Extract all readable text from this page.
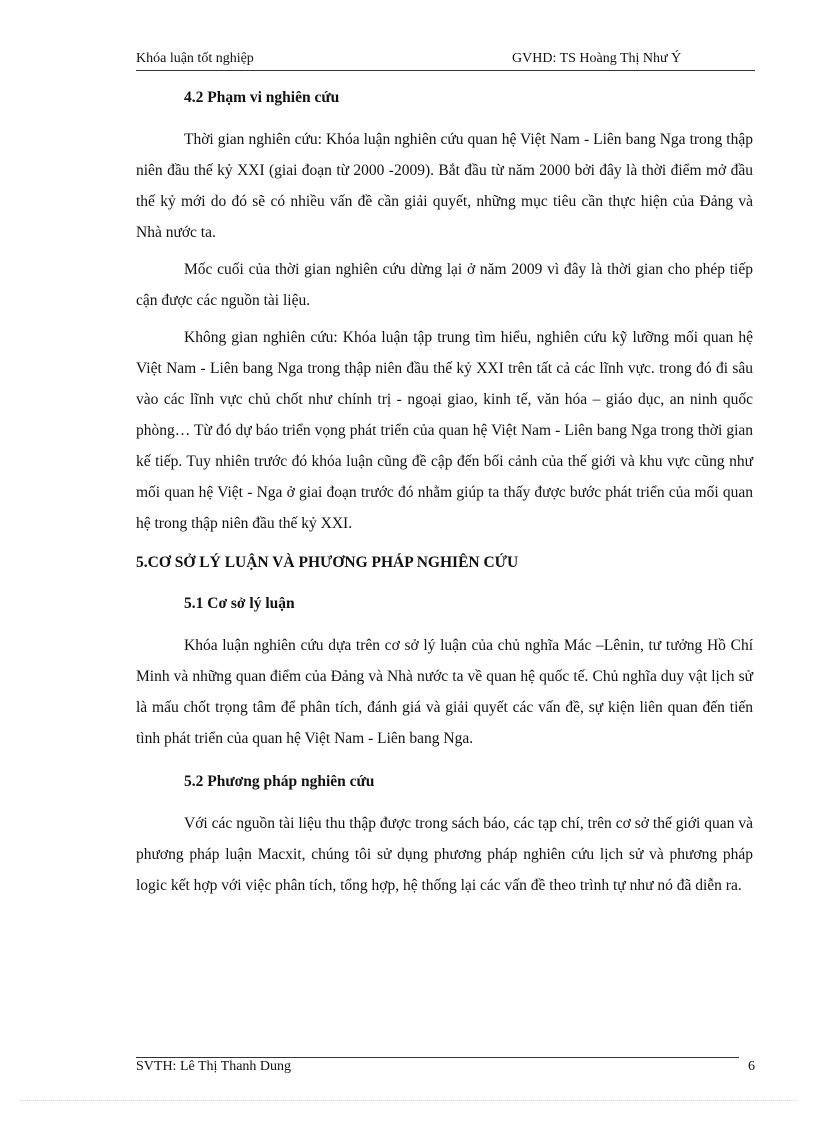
Khóa luận tốt nghiệp	GVHD: TS Hoàng Thị Như Ý

4.2 Phạm vi nghiên cứu

Thời gian nghiên cứu: Khóa luận nghiên cứu quan hệ Việt Nam - Liên bang Nga trong thập niên đầu thế kỷ XXI (giai đoạn từ 2000 -2009). Bắt đầu từ năm 2000 bởi đây là thời điểm mở đầu thế kỷ mới do đó sẽ có nhiều vấn đề cần giải quyết, những mục tiêu cần thực hiện của Đảng và Nhà nước ta.

Mốc cuối của thời gian nghiên cứu dừng lại ở năm 2009 vì đây là thời gian cho phép tiếp cận được các nguồn tài liệu.

Không gian nghiên cứu: Khóa luận tập trung tìm hiểu, nghiên cứu kỹ lưỡng mối quan hệ Việt Nam - Liên bang Nga trong thập niên đầu thế kỷ XXI trên tất cả các lĩnh vực. trong đó đi sâu vào các lĩnh vực chủ chốt như chính trị - ngoại giao, kinh tế, văn hóa – giáo dục, an ninh quốc phòng… Từ đó dự báo triển vọng phát triển của quan hệ Việt Nam - Liên bang Nga trong thời gian kế tiếp. Tuy nhiên trước đó khóa luận cũng đề cập đến bối cảnh của thế giới và khu vực cũng như mối quan hệ Việt - Nga ở giai đoạn trước đó nhằm giúp ta thấy được bước phát triển của mối quan hệ trong thập niên đầu thế kỷ XXI.

5.CƠ SỞ LÝ LUẬN VÀ PHƯƠNG PHÁP NGHIÊN CỨU

5.1 Cơ sở lý luận

Khóa luận nghiên cứu dựa trên cơ sở lý luận của chủ nghĩa Mác –Lênin, tư tưởng Hồ Chí Minh và những quan điểm của Đảng và Nhà nước ta về quan hệ quốc tế. Chủ nghĩa duy vật lịch sử là mấu chốt trọng tâm để phân tích, đánh giá và giải quyết các vấn đề, sự kiện liên quan đến tiến tình phát triển của quan hệ Việt Nam - Liên bang Nga.

5.2 Phương pháp nghiên cứu

Với các nguồn tài liệu thu thập được trong sách báo, các tạp chí, trên cơ sở thế giới quan và phương pháp luận Macxit, chúng tôi sử dụng phương pháp nghiên cứu lịch sử và phương pháp logic kết hợp với việc phân tích, tổng hợp, hệ thống lại các vấn đề theo trình tự như nó đã diễn ra.

SVTH: Lê Thị Thanh Dung	6
